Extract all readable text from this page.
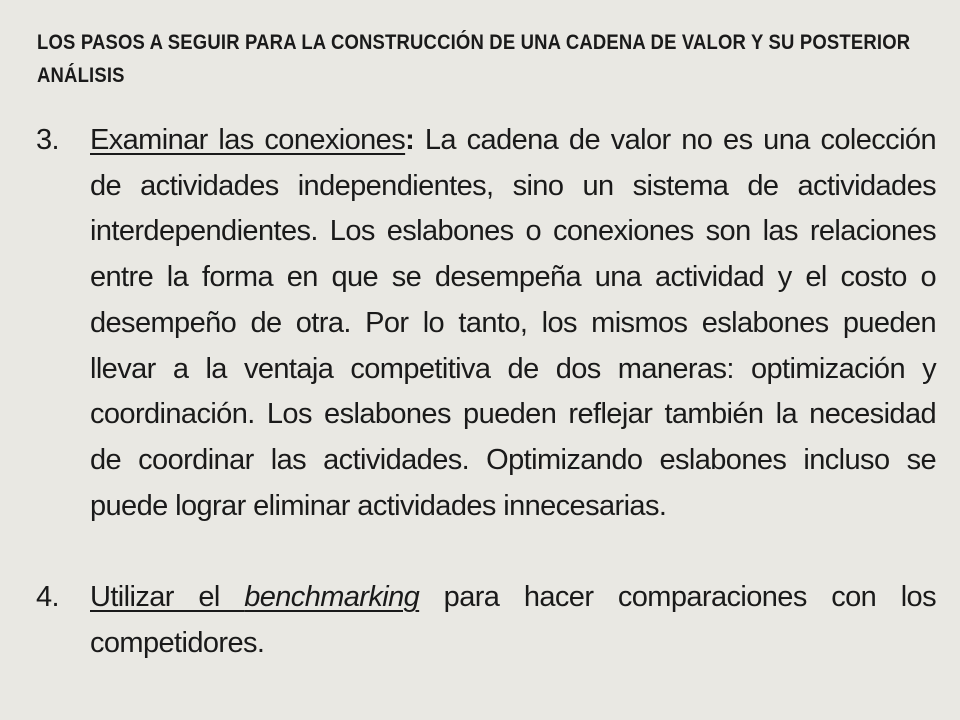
LOS PASOS A SEGUIR PARA LA CONSTRUCCIÓN DE UNA CADENA DE VALOR Y SU POSTERIOR ANÁLISIS
3.	Examinar las conexiones: La cadena de valor no es una colección de actividades independientes, sino un sistema de actividades interdependientes. Los eslabones o conexiones son las relaciones entre la forma en que se desempeña una actividad y el costo o desempeño de otra. Por lo tanto, los mismos eslabones pueden llevar a la ventaja competitiva de dos maneras: optimización y coordinación. Los eslabones pueden reflejar también la necesidad de coordinar las actividades. Optimizando eslabones incluso se puede lograr eliminar actividades innecesarias.
4.	Utilizar el benchmarking para hacer comparaciones con los competidores.
